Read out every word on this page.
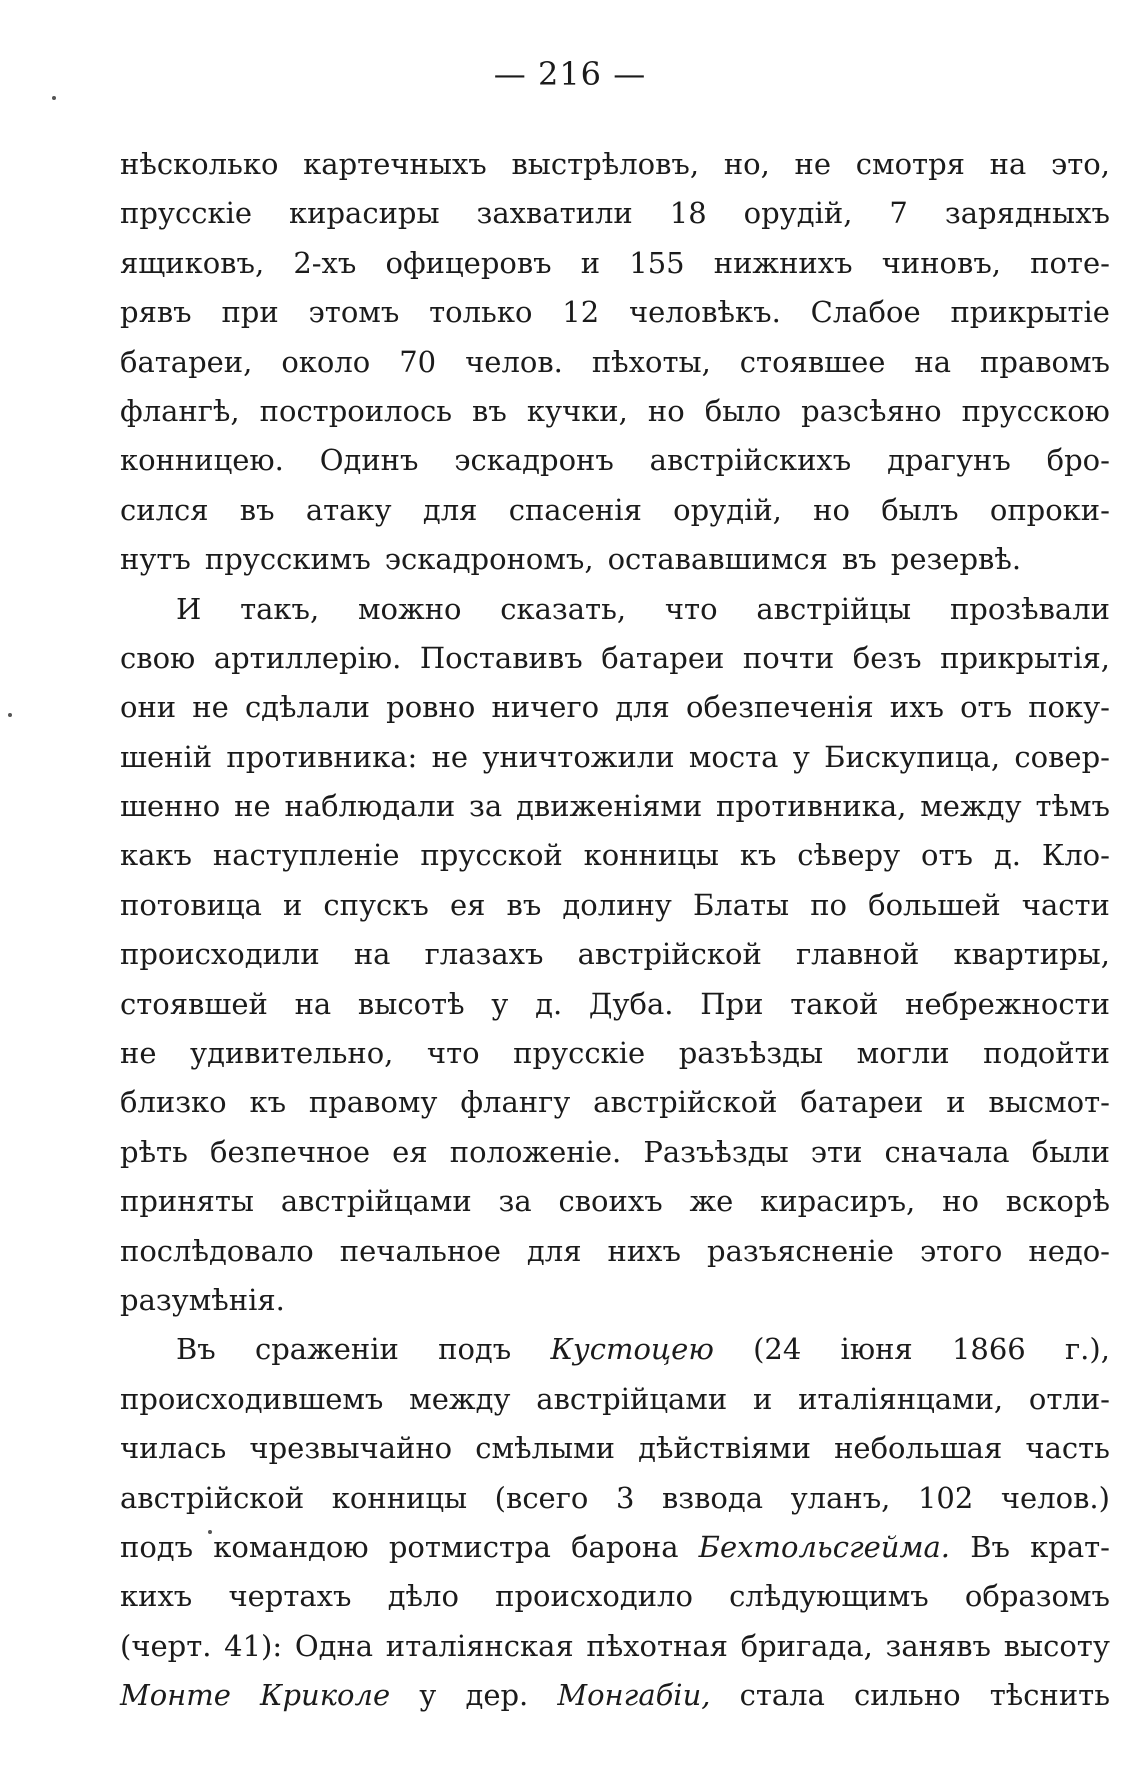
— 216 —
нѣсколько картечныхъ выстрѣловъ, но, не смотря на это,
прусскіе кирасиры захватили 18 орудій, 7 зарядныхъ
ящиковъ, 2-хъ офицеровъ и 155 нижнихъ чиновъ, поте-
рявъ при этомъ только 12 человѣкъ. Слабое прикрытіе
батареи, около 70 челов. пѣхоты, стоявшее на правомъ
флангѣ, построилось въ кучки, но было разсѣяно прусскою
конницею. Одинъ эскадронъ австрійскихъ драгунъ бро-
сился въ атаку для спасенія орудій, но былъ опроки-
нутъ прусскимъ эскадрономъ, остававшимся въ резервѣ.
И такъ, можно сказать, что австрійцы прозѣвали
свою артиллерію. Поставивъ батареи почти безъ прикрытія,
они не сдѣлали ровно ничего для обезпеченія ихъ отъ поку-
шеній противника: не уничтожили моста у Бискупица, совер-
шенно не наблюдали за движеніями противника, между тѣмъ
какъ наступленіе прусской конницы къ сѣверу отъ д. Кло-
потовица и спускъ ея въ долину Блаты по большей части
происходили на глазахъ австрійской главной квартиры,
стоявшей на высотѣ у д. Дуба. При такой небрежности
не удивительно, что прусскіе разъѣзды могли подойти
близко къ правому флангу австрійской батареи и высмот-
рѣть безпечное ея положеніе. Разъѣзды эти сначала были
приняты австрійцами за своихъ же кирасиръ, но вскорѣ
послѣдовало печальное для нихъ разъясненіе этого недо-
разумѣнія.
Въ сраженіи подъ Кустоцею (24 іюня 1866 г.),
происходившемъ между австрійцами и италіянцами, отли-
чилась чрезвычайно смѣлыми дѣйствіями небольшая часть
австрійской конницы (всего 3 взвода уланъ, 102 челов.)
подъ командою ротмистра барона Бехтольсгейма. Въ крат-
кихъ чертахъ дѣло происходило слѣдующимъ образомъ
(черт. 41): Одна италіянская пѣхотная бригада, занявъ высоту
Монте Криколе у дер. Монгабіи, стала сильно тѣснить
